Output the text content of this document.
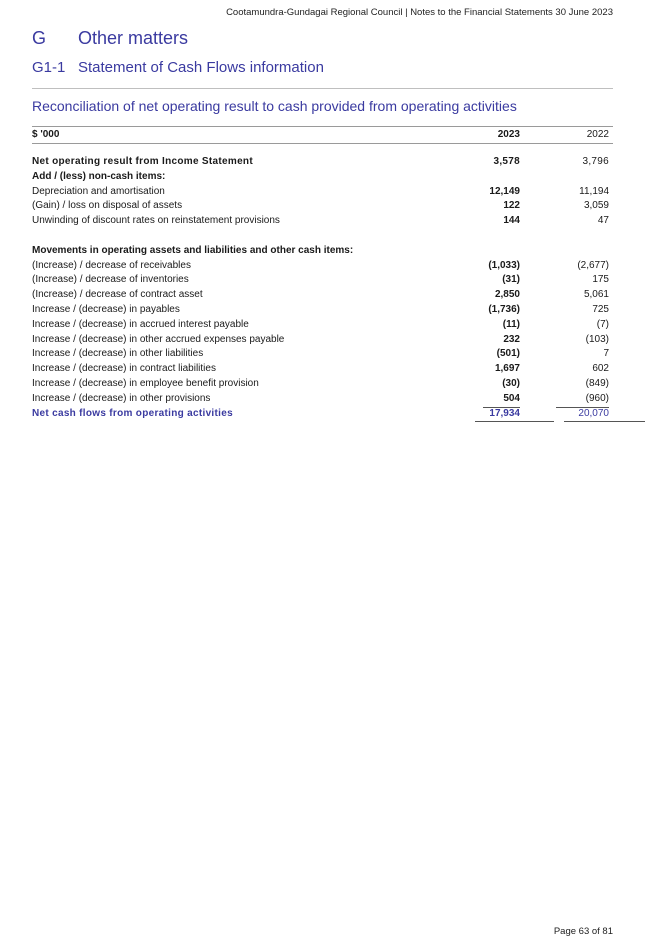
Cootamundra-Gundagai Regional Council | Notes to the Financial Statements 30 June 2023
G Other matters
G1-1 Statement of Cash Flows information
Reconciliation of net operating result to cash provided from operating activities
$ '000	2023	2022
Net operating result from Income Statement	3,578	3,796
Add / (less) non-cash items:
Depreciation and amortisation	12,149	11,194
(Gain) / loss on disposal of assets	122	3,059
Unwinding of discount rates on reinstatement provisions	144	47
Movements in operating assets and liabilities and other cash items:
(Increase) / decrease of receivables	(1,033)	(2,677)
(Increase) / decrease of inventories	(31)	175
(Increase) / decrease of contract asset	2,850	5,061
Increase / (decrease) in payables	(1,736)	725
Increase / (decrease) in accrued interest payable	(11)	(7)
Increase / (decrease) in other accrued expenses payable	232	(103)
Increase / (decrease) in other liabilities	(501)	7
Increase / (decrease) in contract liabilities	1,697	602
Increase / (decrease) in employee benefit provision	(30)	(849)
Increase / (decrease) in other provisions	504	(960)
Net cash flows from operating activities	17,934	20,070
Page 63 of 81
